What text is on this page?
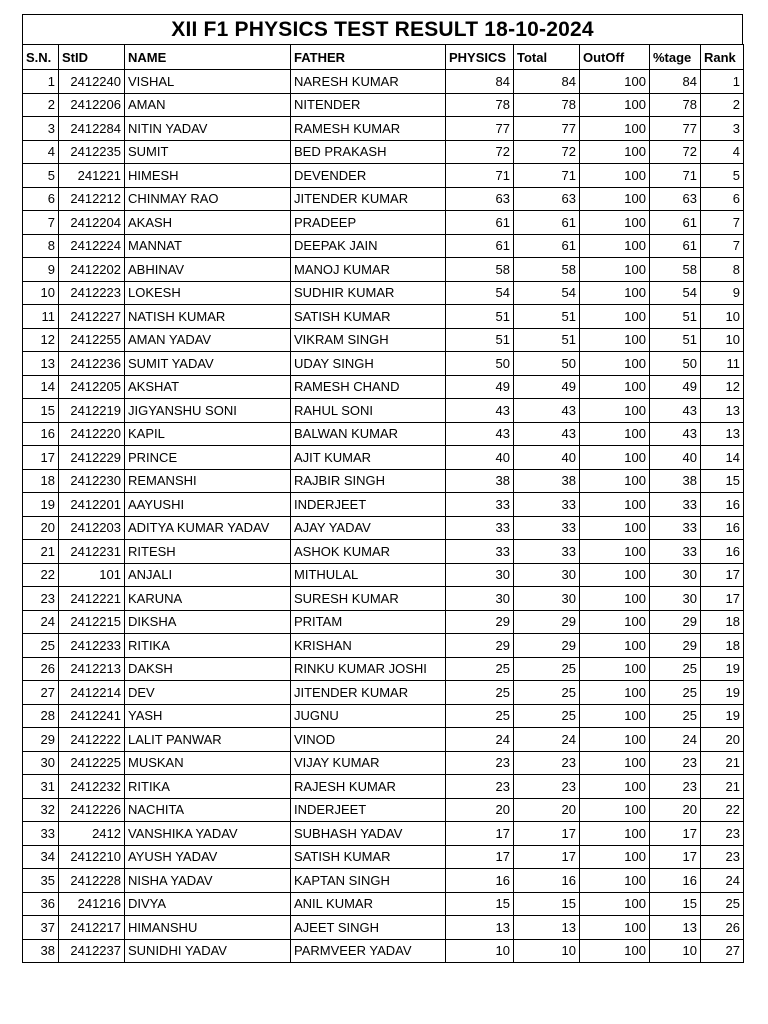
XII F1 PHYSICS TEST RESULT 18-10-2024
S.N.	StID	NAME	FATHER	PHYSICS	Total	OutOff	%tage	Rank
1	2412240	VISHAL	NARESH KUMAR	84	84	100	84	1
2	2412206	AMAN	NITENDER	78	78	100	78	2
3	2412284	NITIN YADAV	RAMESH KUMAR	77	77	100	77	3
4	2412235	SUMIT	BED PRAKASH	72	72	100	72	4
5	241221	HIMESH	DEVENDER	71	71	100	71	5
6	2412212	CHINMAY RAO	JITENDER KUMAR	63	63	100	63	6
7	2412204	AKASH	PRADEEP	61	61	100	61	7
8	2412224	MANNAT	DEEPAK JAIN	61	61	100	61	7
9	2412202	ABHINAV	MANOJ KUMAR	58	58	100	58	8
10	2412223	LOKESH	SUDHIR KUMAR	54	54	100	54	9
11	2412227	NATISH KUMAR	SATISH KUMAR	51	51	100	51	10
12	2412255	AMAN YADAV	VIKRAM SINGH	51	51	100	51	10
13	2412236	SUMIT YADAV	UDAY SINGH	50	50	100	50	11
14	2412205	AKSHAT	RAMESH CHAND	49	49	100	49	12
15	2412219	JIGYANSHU SONI	RAHUL SONI	43	43	100	43	13
16	2412220	KAPIL	BALWAN KUMAR	43	43	100	43	13
17	2412229	PRINCE	AJIT KUMAR	40	40	100	40	14
18	2412230	REMANSHI	RAJBIR SINGH	38	38	100	38	15
19	2412201	AAYUSHI	INDERJEET	33	33	100	33	16
20	2412203	ADITYA KUMAR YADAV	AJAY YADAV	33	33	100	33	16
21	2412231	RITESH	ASHOK KUMAR	33	33	100	33	16
22	101	ANJALI	MITHULAL	30	30	100	30	17
23	2412221	KARUNA	SURESH KUMAR	30	30	100	30	17
24	2412215	DIKSHA	PRITAM	29	29	100	29	18
25	2412233	RITIKA	KRISHAN	29	29	100	29	18
26	2412213	DAKSH	RINKU KUMAR JOSHI	25	25	100	25	19
27	2412214	DEV	JITENDER KUMAR	25	25	100	25	19
28	2412241	YASH	JUGNU	25	25	100	25	19
29	2412222	LALIT PANWAR	VINOD	24	24	100	24	20
30	2412225	MUSKAN	VIJAY KUMAR	23	23	100	23	21
31	2412232	RITIKA	RAJESH KUMAR	23	23	100	23	21
32	2412226	NACHITA	INDERJEET	20	20	100	20	22
33	2412	VANSHIKA YADAV	SUBHASH YADAV	17	17	100	17	23
34	2412210	AYUSH YADAV	SATISH KUMAR	17	17	100	17	23
35	2412228	NISHA YADAV	KAPTAN SINGH	16	16	100	16	24
36	241216	DIVYA	ANIL KUMAR	15	15	100	15	25
37	2412217	HIMANSHU	AJEET SINGH	13	13	100	13	26
38	2412237	SUNIDHI YADAV	PARMVEER YADAV	10	10	100	10	27
